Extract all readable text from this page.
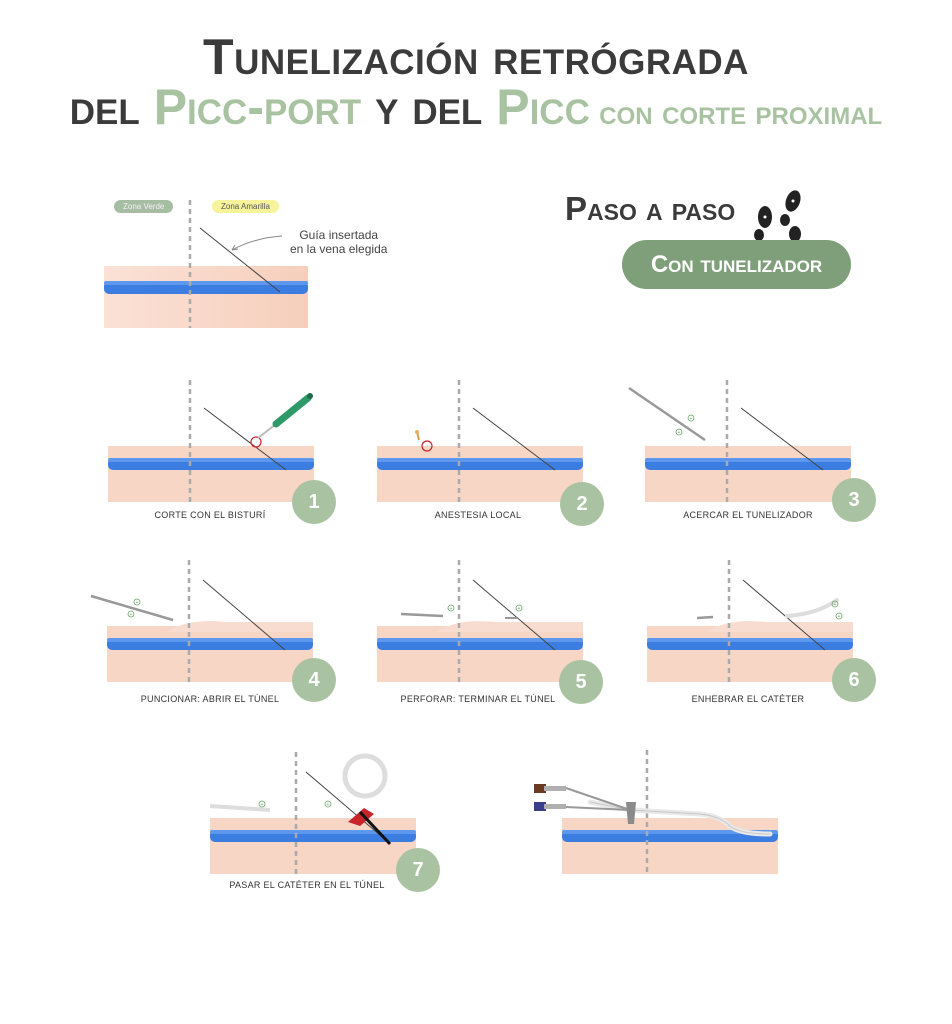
Tunelización retrógrada
del Picc-port y del Picc con corte proximal
Paso a paso
Con tunelizador
Zona Verde	Zona Amarilla
Guía insertada
en la vena elegida
1
CORTE CON EL BISTURÍ	2
ANESTESIA LOCAL
+
+
3
ACERCAR EL TUNELIZADOR
+
+
4
PUNCIONAR: ABRIR EL TÚNEL
+	+
5
PERFORAR: TERMINAR EL TÚNEL
+
+
6
ENHEBRAR EL CATÉTER
+	+
7
PASAR EL CATÉTER EN EL TÚNEL
